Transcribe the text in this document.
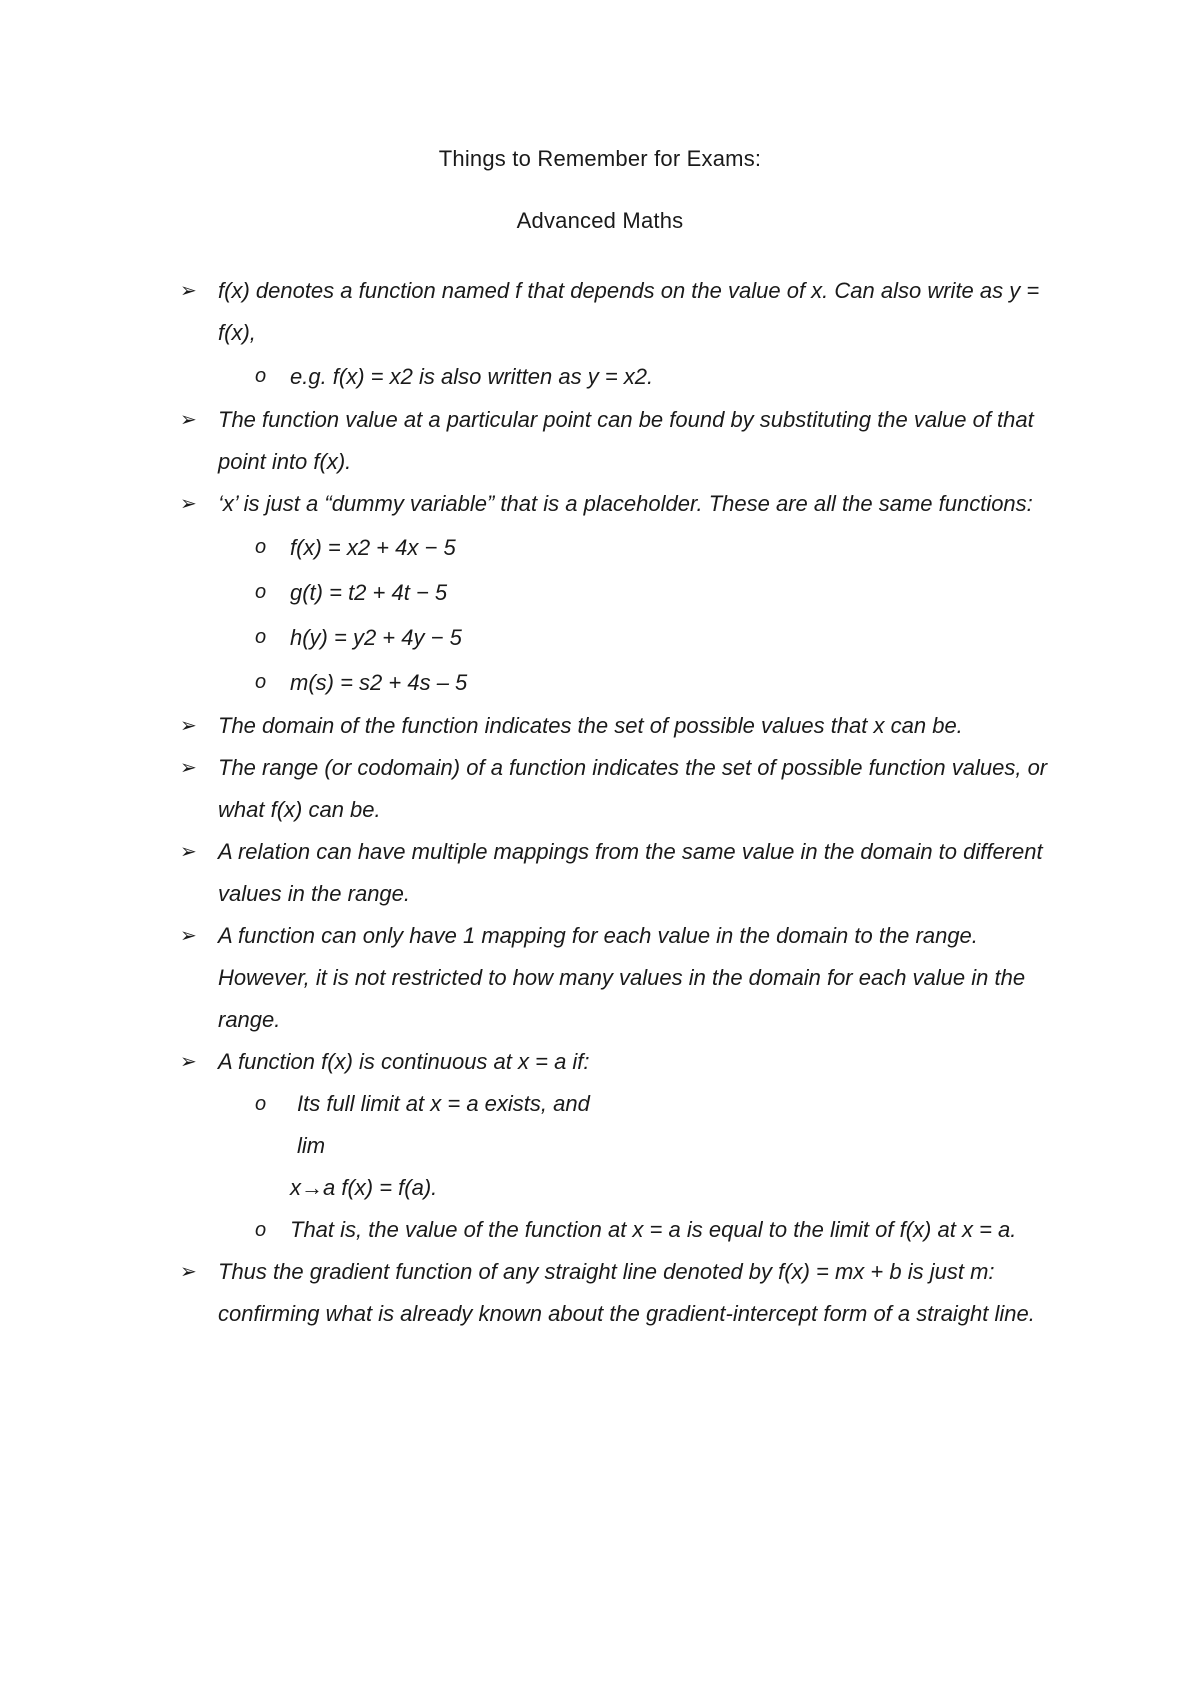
Things to Remember for Exams:
Advanced Maths

➢ f(x) denotes a function named f that depends on the value of x. Can also write as y = f(x),

o e.g. f(x) = x2 is also written as y = x2.

➢ The function value at a particular point can be found by substituting the value of that point into f(x).

➢ ‘x’ is just a “dummy variable” that is a placeholder. These are all the same functions:

o f(x) = x2 + 4x − 5

o g(t) = t2 + 4t − 5

o h(y) = y2 + 4y − 5

o m(s) = s2 + 4s – 5

➢ The domain of the function indicates the set of possible values that x can be.

➢ The range (or codomain) of a function indicates the set of possible function values, or what f(x) can be.

➢ A relation can have multiple mappings from the same value in the domain to different values in the range.

➢ A function can only have 1 mapping for each value in the domain to the range. However, it is not restricted to how many values in the domain for each value in the range.

➢ A function f(x) is continuous at x = a if:

o Its full limit at x = a exists, and

lim

x→a f(x) = f(a).

o That is, the value of the function at x = a is equal to the limit of f(x) at x = a.

➢ Thus the gradient function of any straight line denoted by f(x) = mx + b is just m: confirming what is already known about the gradient-intercept form of a straight line.
